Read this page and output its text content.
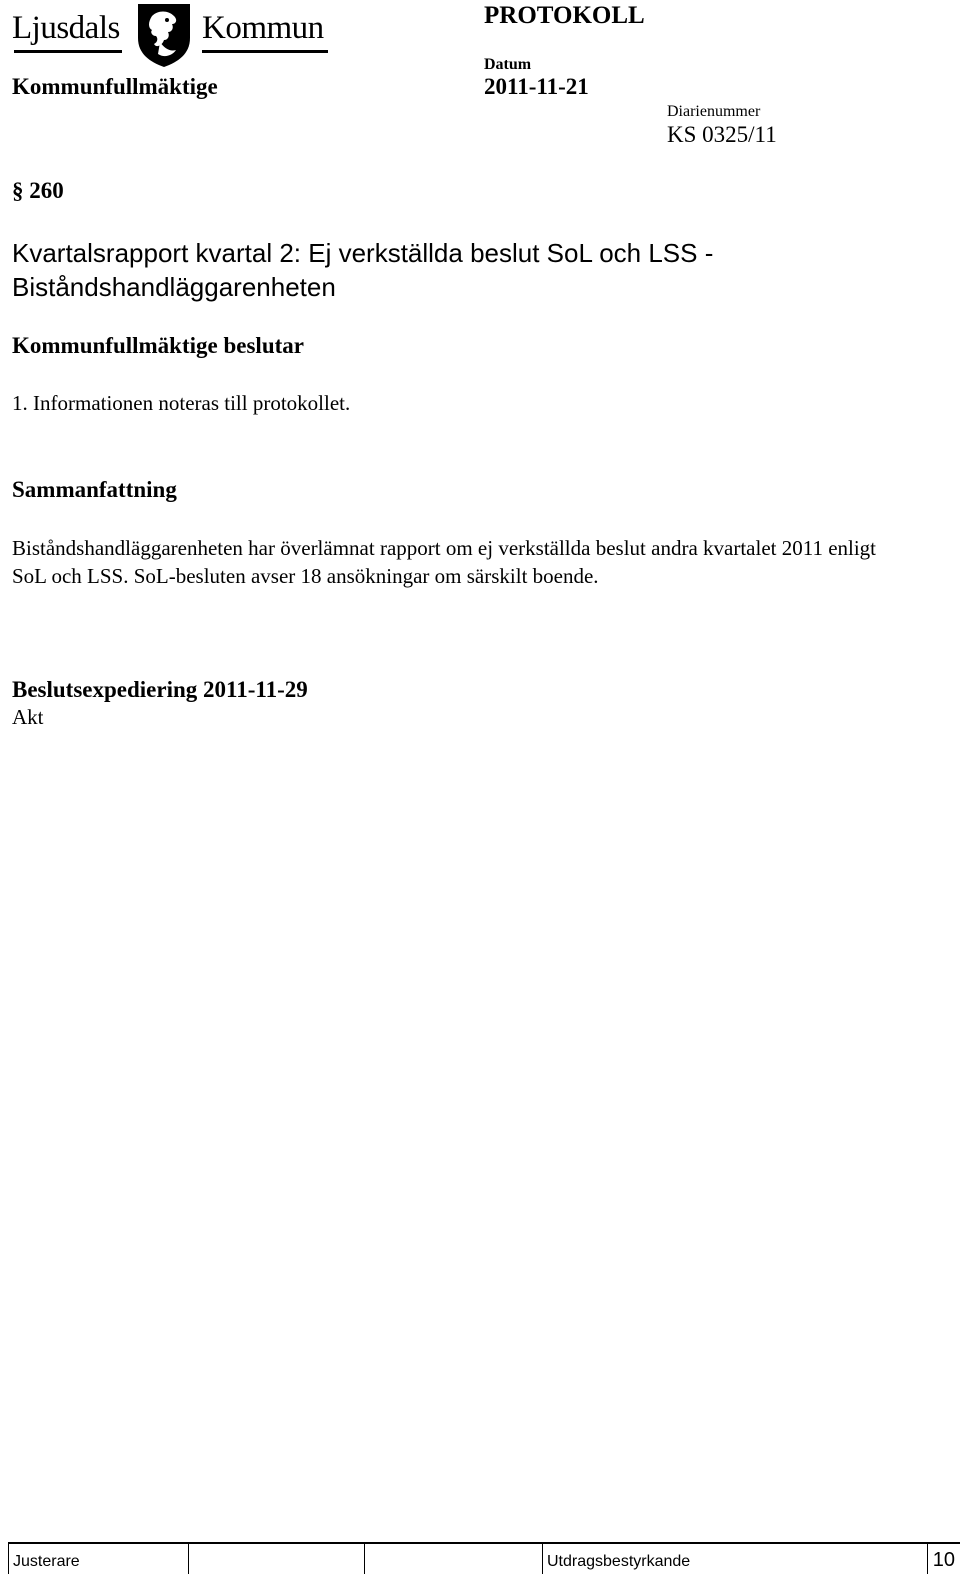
Ljusdals Kommun	PROTOKOLL
Kommunfullmäktige
Datum
2011-11-21
Diarienummer
KS 0325/11
§ 260
Kvartalsrapport kvartal 2: Ej verkställda beslut SoL och LSS - Biståndshandläggarenheten
Kommunfullmäktige beslutar
1. Informationen noteras till protokollet.
Sammanfattning
Biståndshandläggarenheten har överlämnat rapport om ej verkställda beslut andra kvartalet 2011 enligt SoL och LSS. SoL-besluten avser 18 ansökningar om särskilt boende.
Beslutsexpediering 2011-11-29
Akt
Justerare	Utdragsbestyrkande	10
